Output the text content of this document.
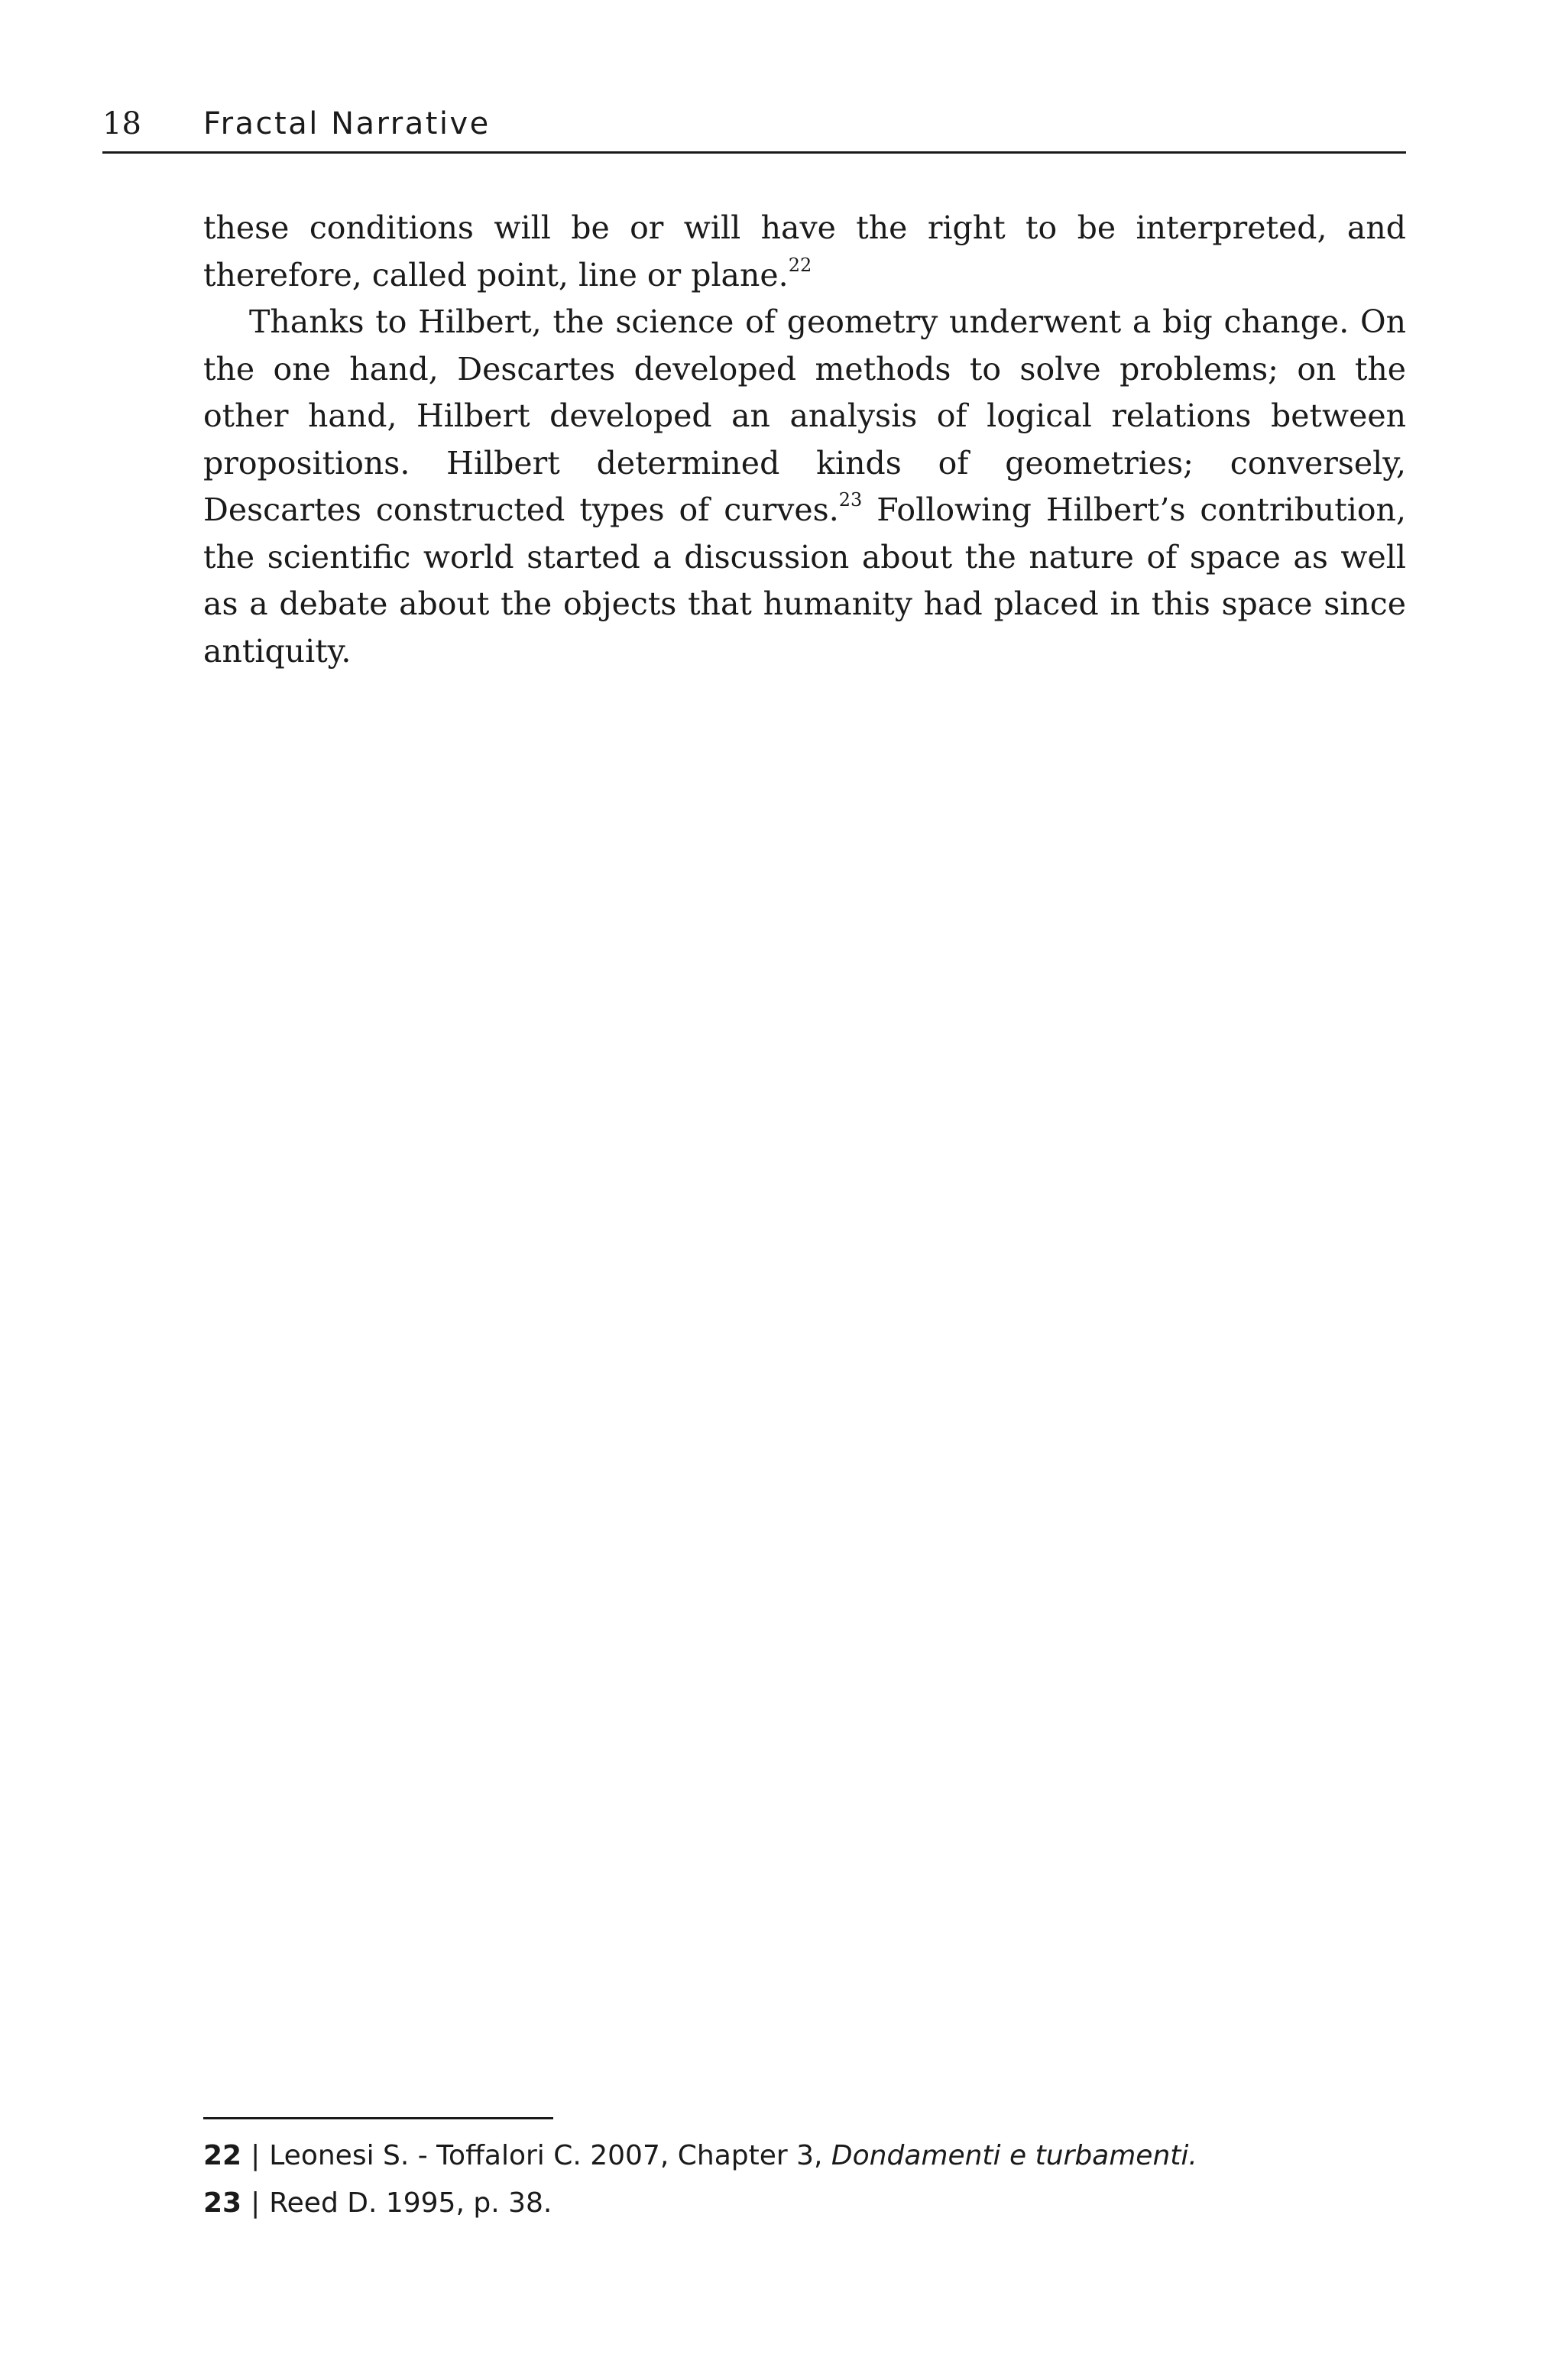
18 Fractal Narrative

these conditions will be or will have the right to be interpreted, and therefore, called point, line or plane.$^{22}$

Thanks to Hilbert, the science of geometry underwent a big change. On the one hand, Descartes developed methods to solve problems; on the other hand, Hilbert developed an analysis of logical relations between propositions. Hilbert determined kinds of geometries; conversely, Descartes constructed types of curves.$^{23}$ Following Hilbert’s contribution, the scientific world started a discussion about the nature of space as well as a debate about the objects that humanity had placed in this space since antiquity.

22 | Leonesi S. - Toffalori C. 2007, Chapter 3, Dondamenti e turbamenti.
23 | Reed D. 1995, p. 38.
